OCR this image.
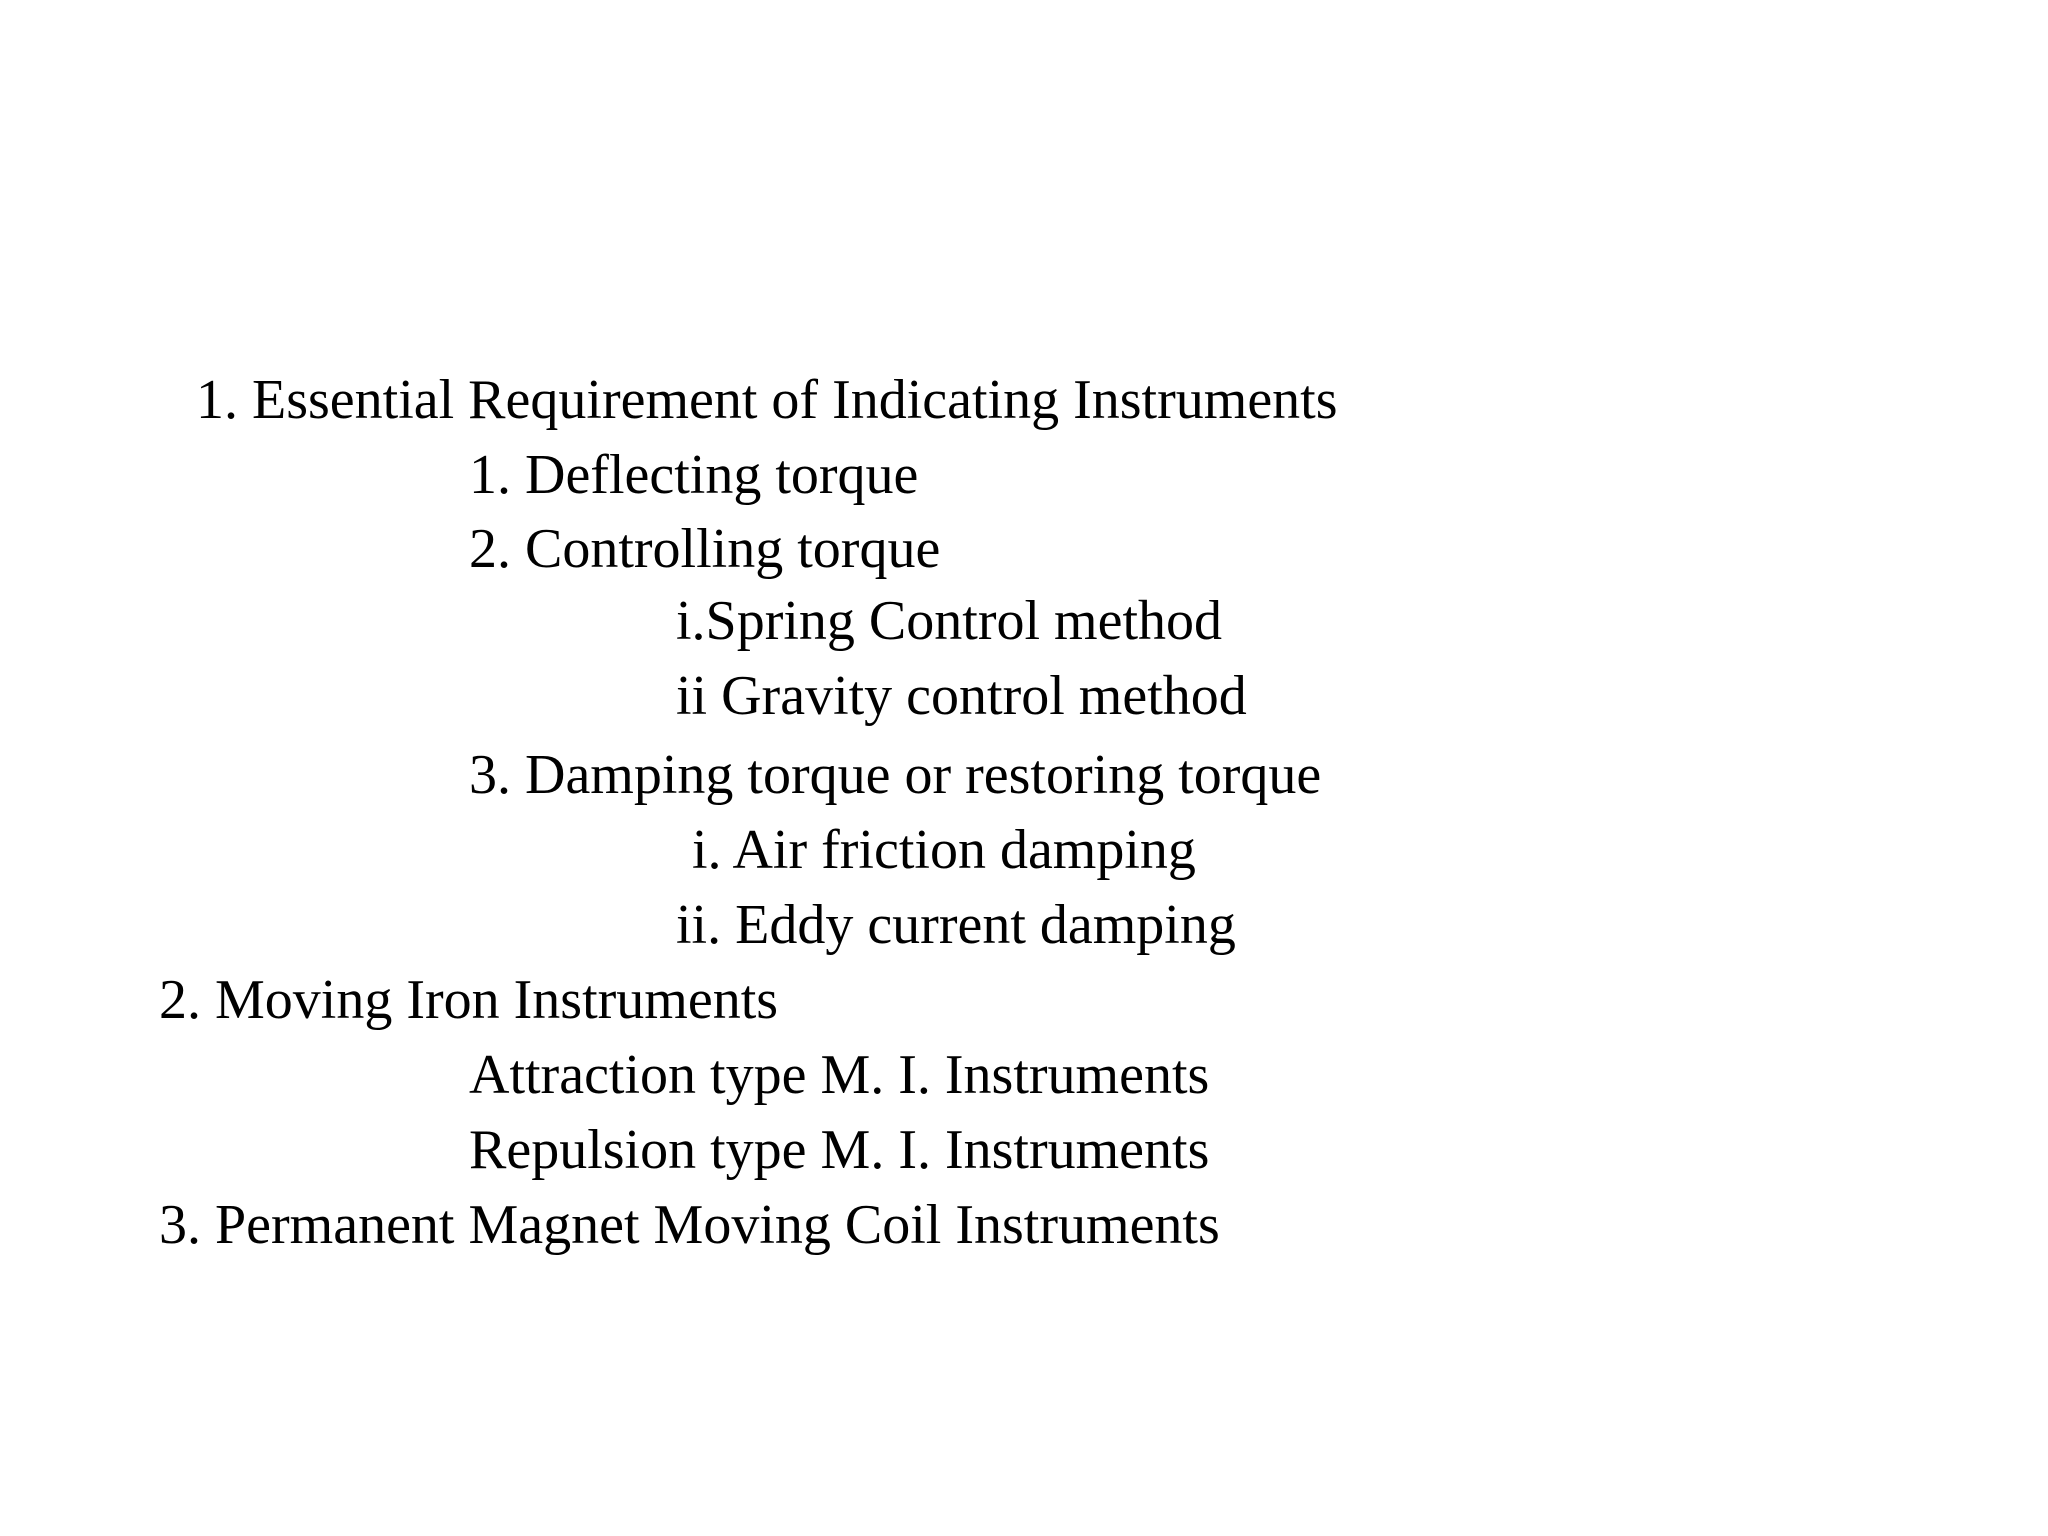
1. Essential Requirement of Indicating Instruments
1. Deflecting torque
2. Controlling torque
i.Spring Control method
ii Gravity control method
3. Damping torque or restoring torque
i. Air friction damping
ii. Eddy current damping
2. Moving Iron Instruments
Attraction type M. I. Instruments
Repulsion type M. I. Instruments
3. Permanent Magnet Moving Coil Instruments
